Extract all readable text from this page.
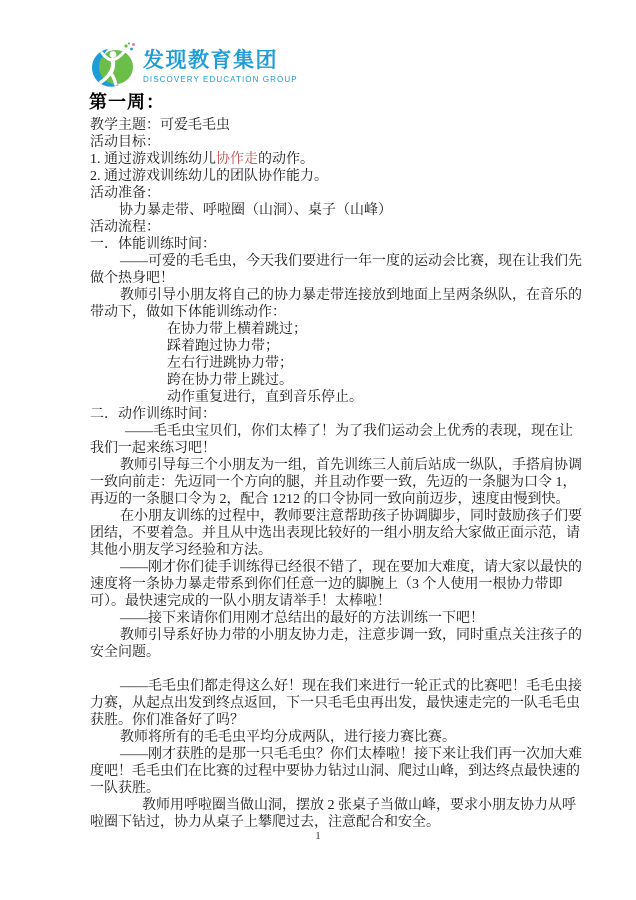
发现教育集团
DISCOVERY EDUCATION GROUP
第一周：
教学主题：可爱毛毛虫
活动目标：
1. 通过游戏训练幼儿协作走的动作。
2. 通过游戏训练幼儿的团队协作能力。
活动准备：
协力暴走带、呼啦圈（山洞）、桌子（山峰）
活动流程：
一．体能训练时间：
——可爱的毛毛虫，今天我们要进行一年一度的运动会比赛，现在让我们先
做个热身吧！
教师引导小朋友将自己的协力暴走带连接放到地面上呈两条纵队，在音乐的
带动下，做如下体能训练动作：
在协力带上横着跳过；
踩着跑过协力带；
左右行进跳协力带；
跨在协力带上跳过。
动作重复进行，直到音乐停止。
二．动作训练时间：
——毛毛虫宝贝们，你们太棒了！为了我们运动会上优秀的表现，现在让
我们一起来练习吧！
教师引导每三个小朋友为一组，首先训练三人前后站成一纵队，手搭肩协调
一致向前走：先迈同一个方向的腿，并且动作要一致，先迈的一条腿为口令 1，
再迈的一条腿口令为 2，配合 1212 的口令协同一致向前迈步，速度由慢到快。
在小朋友训练的过程中，教师要注意帮助孩子协调脚步，同时鼓励孩子们要
团结，不要着急。并且从中选出表现比较好的一组小朋友给大家做正面示范，请
其他小朋友学习经验和方法。
——刚才你们徒手训练得已经很不错了，现在要加大难度，请大家以最快的
速度将一条协力暴走带系到你们任意一边的脚腕上（3 个人使用一根协力带即
可）。最快速完成的一队小朋友请举手！太棒啦！
——接下来请你们用刚才总结出的最好的方法训练一下吧！
教师引导系好协力带的小朋友协力走，注意步调一致，同时重点关注孩子的
安全问题。
——毛毛虫们都走得这么好！现在我们来进行一轮正式的比赛吧！毛毛虫接
力赛，从起点出发到终点返回，下一只毛毛虫再出发，最快速走完的一队毛毛虫
获胜。你们准备好了吗？
教师将所有的毛毛虫平均分成两队，进行接力赛比赛。
——刚才获胜的是那一只毛毛虫？你们太棒啦！接下来让我们再一次加大难
度吧！毛毛虫们在比赛的过程中要协力钻过山洞、爬过山峰，到达终点最快速的
一队获胜。
教师用呼啦圈当做山洞，摆放 2 张桌子当做山峰，要求小朋友协力从呼
啦圈下钻过，协力从桌子上攀爬过去，注意配合和安全。
1
